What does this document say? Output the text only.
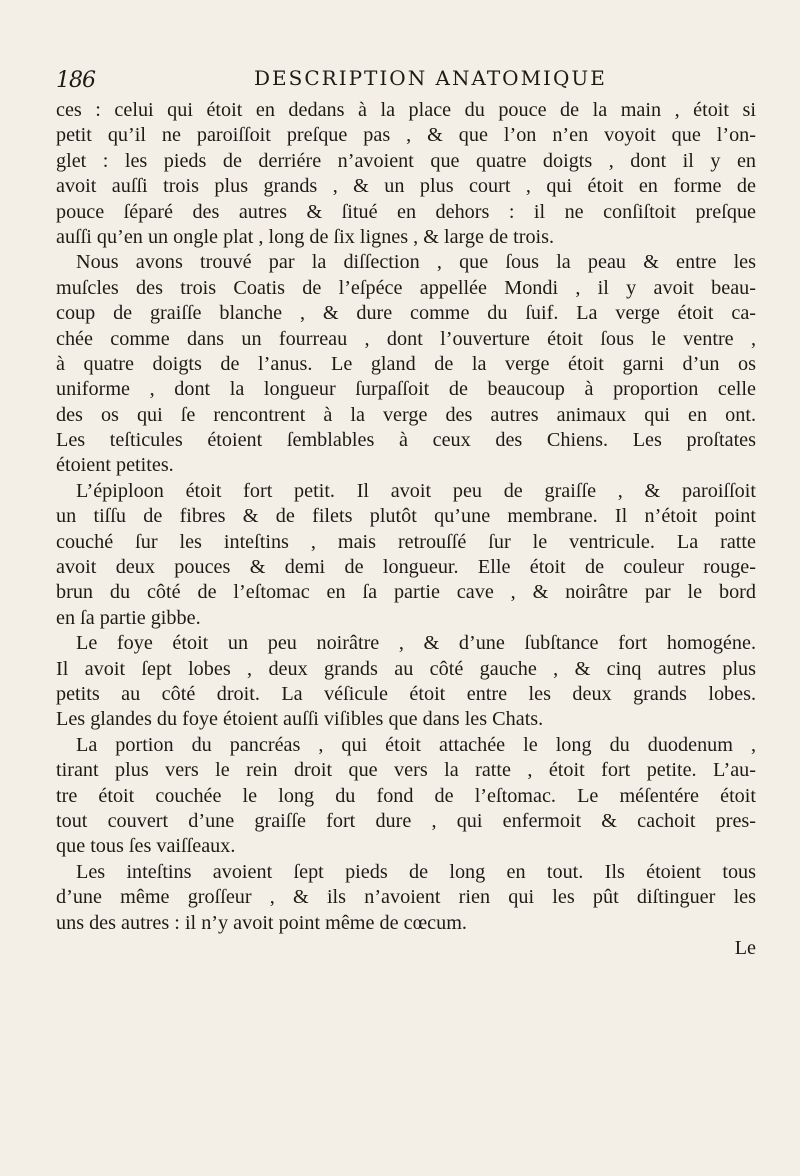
186	DESCRIPTION ANATOMIQUE
ces : celui qui étoit en dedans à la place du pouce de la main , étoit si
petit qu’il ne paroiſſoit preſque pas , & que l’on n’en voyoit que l’on-
glet : les pieds de derriére n’avoient que quatre doigts , dont il y en
avoit auſſi trois plus grands , & un plus court , qui étoit en forme de
pouce ſéparé des autres & ſitué en dehors : il ne conſiſtoit preſque
auſſi qu’en un ongle plat , long de ſix lignes , & large de trois.
Nous avons trouvé par la diſſection , que ſous la peau & entre les
muſcles des trois Coatis de l’eſpéce appellée Mondi , il y avoit beau-
coup de graiſſe blanche , & dure comme du ſuif. La verge étoit ca-
chée comme dans un fourreau , dont l’ouverture étoit ſous le ventre ,
à quatre doigts de l’anus. Le gland de la verge étoit garni d’un os
uniforme , dont la longueur ſurpaſſoit de beaucoup à proportion celle
des os qui ſe rencontrent à la verge des autres animaux qui en ont.
Les teſticules étoient ſemblables à ceux des Chiens. Les proſtates
étoient petites.
L’épiploon étoit fort petit. Il avoit peu de graiſſe , & paroiſſoit
un tiſſu de fibres & de filets plutôt qu’une membrane. Il n’étoit point
couché ſur les inteſtins , mais retrouſſé ſur le ventricule. La ratte
avoit deux pouces & demi de longueur. Elle étoit de couleur rouge-
brun du côté de l’eſtomac en ſa partie cave , & noirâtre par le bord
en ſa partie gibbe.
Le foye étoit un peu noirâtre , & d’une ſubſtance fort homogéne.
Il avoit ſept lobes , deux grands au côté gauche , & cinq autres plus
petits au côté droit. La véſicule étoit entre les deux grands lobes.
Les glandes du foye étoient auſſi viſibles que dans les Chats.
La portion du pancréas , qui étoit attachée le long du duodenum ,
tirant plus vers le rein droit que vers la ratte , étoit fort petite. L’au-
tre étoit couchée le long du fond de l’eſtomac. Le méſentére étoit
tout couvert d’une graiſſe fort dure , qui enfermoit & cachoit pres-
que tous ſes vaiſſeaux.
Les inteſtins avoient ſept pieds de long en tout. Ils étoient tous
d’une même groſſeur , & ils n’avoient rien qui les pût diſtinguer les
uns des autres : il n’y avoit point même de cœcum.
Le
